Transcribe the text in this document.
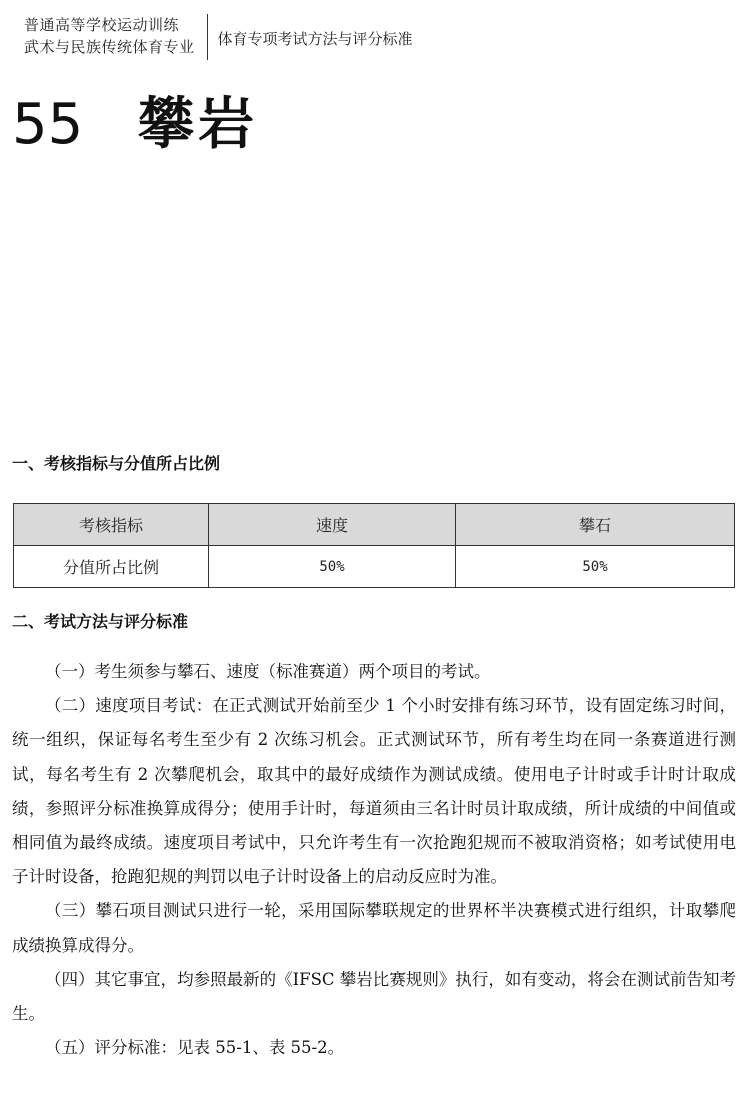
普通高等学校运动训练
武术与民族传统体育专业 体育专项考试方法与评分标准
55 攀岩
一、考核指标与分值所占比例
考核指标	速度	攀石
分值所占比例	50%	50%
二、考试方法与评分标准

（一）考生须参与攀石、速度（标准赛道）两个项目的考试。

（二）速度项目考试：在正式测试开始前至少 1 个小时安排有练习环节，设有固定练习时间，统一组织，保证每名考生至少有 2 次练习机会。正式测试环节，所有考生均在同一条赛道进行测试，每名考生有 2 次攀爬机会，取其中的最好成绩作为测试成绩。使用电子计时或手计时计取成绩，参照评分标准换算成得分；使用手计时，每道须由三名计时员计取成绩，所计成绩的中间值或相同值为最终成绩。速度项目考试中，只允许考生有一次抢跑犯规而不被取消资格；如考试使用电子计时设备，抢跑犯规的判罚以电子计时设备上的启动反应时为准。

（三）攀石项目测试只进行一轮，采用国际攀联规定的世界杯半决赛模式进行组织，计取攀爬成绩换算成得分。

（四）其它事宜，均参照最新的《IFSC 攀岩比赛规则》执行，如有变动，将会在测试前告知考生。

（五）评分标准：见表 55-1、表 55-2。
